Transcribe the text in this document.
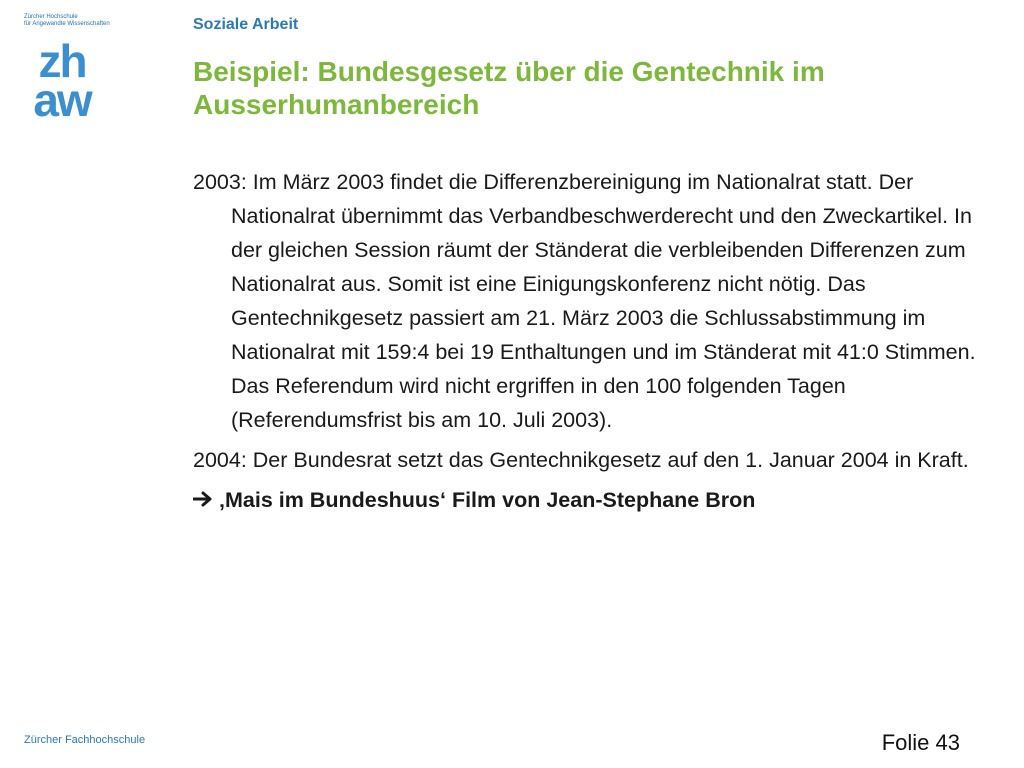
Zürcher Hochschule
für Angewandte Wissenschaften
zh
aw
Soziale Arbeit
Beispiel: Bundesgesetz über die Gentechnik im Ausserhumanbereich
2003: Im März 2003 findet die Differenzbereinigung im Nationalrat statt. Der Nationalrat übernimmt das Verbandbeschwerderecht und den Zweckartikel. In der gleichen Session räumt der Ständerat die verbleibenden Differenzen zum Nationalrat aus. Somit ist eine Einigungskonferenz nicht nötig. Das Gentechnikgesetz passiert am 21. März 2003 die Schlussabstimmung im Nationalrat mit 159:4 bei 19 Enthaltungen und im Ständerat mit 41:0 Stimmen. Das Referendum wird nicht ergriffen in den 100 folgenden Tagen (Referendumsfrist bis am 10. Juli 2003).
2004: Der Bundesrat setzt das Gentechnikgesetz auf den 1. Januar 2004 in Kraft.
‚Mais im Bundeshuus‘ Film von Jean-Stephane Bron
Zürcher Fachhochschule	Folie 43
